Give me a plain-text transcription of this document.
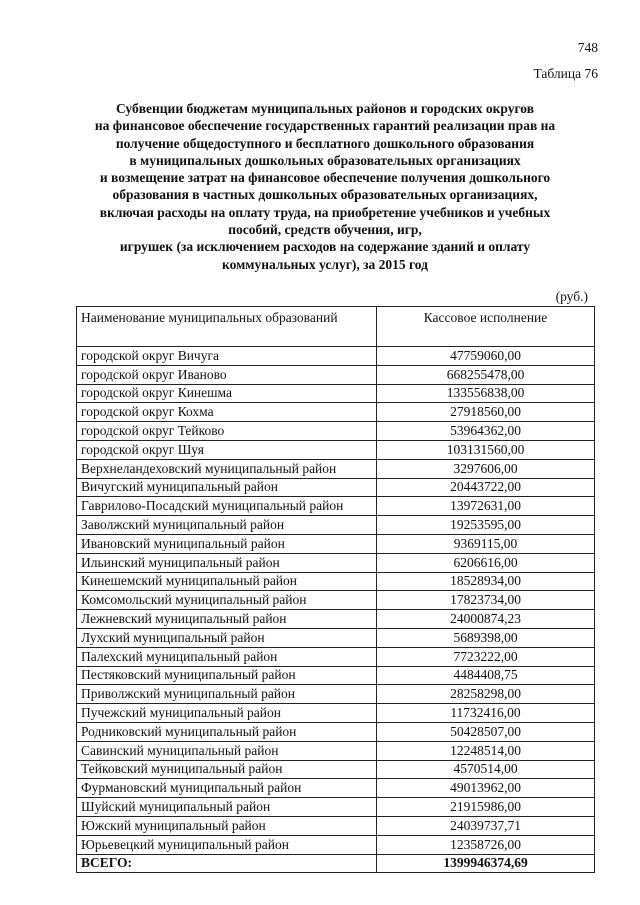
748
Таблица 76
Субвенции бюджетам муниципальных районов и городских округов
на финансовое обеспечение государственных гарантий реализации прав на
получение общедоступного и бесплатного дошкольного образования
в муниципальных дошкольных образовательных организациях
и возмещение затрат на финансовое обеспечение получения дошкольного
образования в частных дошкольных образовательных организациях,
включая расходы на оплату труда, на приобретение учебников и учебных
пособий, средств обучения, игр,
игрушек (за исключением расходов на содержание зданий и оплату
коммунальных услуг), за 2015 год
(руб.)
Наименование муниципальных образований	Кассовое исполнение
городской округ Вичуга	47759060,00
городской округ Иваново	668255478,00
городской округ Кинешма	133556838,00
городской округ Кохма	27918560,00
городской округ Тейково	53964362,00
городской округ Шуя	103131560,00
Верхнеландеховский муниципальный район	3297606,00
Вичугский муниципальный район	20443722,00
Гаврилово-Посадский муниципальный район	13972631,00
Заволжский муниципальный район	19253595,00
Ивановский муниципальный район	9369115,00
Ильинский муниципальный район	6206616,00
Кинешемский муниципальный район	18528934,00
Комсомольский муниципальный район	17823734,00
Лежневский муниципальный район	24000874,23
Лухский муниципальный район	5689398,00
Палехский муниципальный район	7723222,00
Пестяковский муниципальный район	4484408,75
Приволжский муниципальный район	28258298,00
Пучежский муниципальный район	11732416,00
Родниковский муниципальный район	50428507,00
Савинский муниципальный район	12248514,00
Тейковский муниципальный район	4570514,00
Фурмановский муниципальный район	49013962,00
Шуйский муниципальный район	21915986,00
Южский муниципальный район	24039737,71
Юрьевецкий муниципальный район	12358726,00
ВСЕГО:	1399946374,69
